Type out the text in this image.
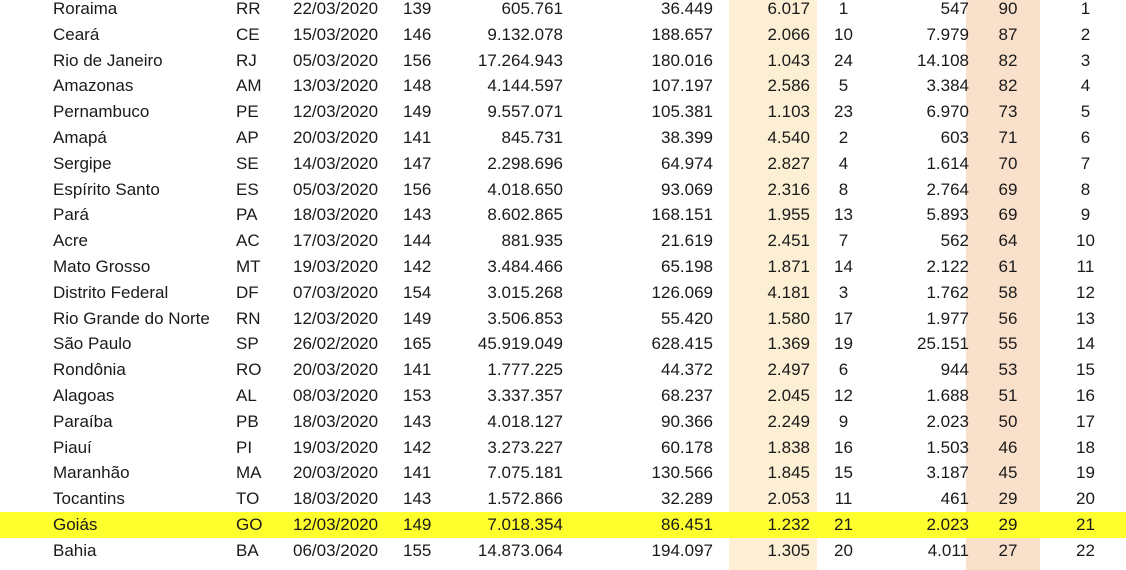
Roraima	RR	22/03/2020	139	605.761	36.449	6.017	1	547	90	1
Ceará	CE	15/03/2020	146	9.132.078	188.657	2.066	10	7.979	87	2
Rio de Janeiro	RJ	05/03/2020	156	17.264.943	180.016	1.043	24	14.108	82	3
Amazonas	AM	13/03/2020	148	4.144.597	107.197	2.586	5	3.384	82	4
Pernambuco	PE	12/03/2020	149	9.557.071	105.381	1.103	23	6.970	73	5
Amapá	AP	20/03/2020	141	845.731	38.399	4.540	2	603	71	6
Sergipe	SE	14/03/2020	147	2.298.696	64.974	2.827	4	1.614	70	7
Espírito Santo	ES	05/03/2020	156	4.018.650	93.069	2.316	8	2.764	69	8
Pará	PA	18/03/2020	143	8.602.865	168.151	1.955	13	5.893	69	9
Acre	AC	17/03/2020	144	881.935	21.619	2.451	7	562	64	10
Mato Grosso	MT	19/03/2020	142	3.484.466	65.198	1.871	14	2.122	61	11
Distrito Federal	DF	07/03/2020	154	3.015.268	126.069	4.181	3	1.762	58	12
Rio Grande do Norte	RN	12/03/2020	149	3.506.853	55.420	1.580	17	1.977	56	13
São Paulo	SP	26/02/2020	165	45.919.049	628.415	1.369	19	25.151	55	14
Rondônia	RO	20/03/2020	141	1.777.225	44.372	2.497	6	944	53	15
Alagoas	AL	08/03/2020	153	3.337.357	68.237	2.045	12	1.688	51	16
Paraíba	PB	18/03/2020	143	4.018.127	90.366	2.249	9	2.023	50	17
Piauí	PI	19/03/2020	142	3.273.227	60.178	1.838	16	1.503	46	18
Maranhão	MA	20/03/2020	141	7.075.181	130.566	1.845	15	3.187	45	19
Tocantins	TO	18/03/2020	143	1.572.866	32.289	2.053	11	461	29	20
Goiás	GO	12/03/2020	149	7.018.354	86.451	1.232	21	2.023	29	21
Bahia	BA	06/03/2020	155	14.873.064	194.097	1.305	20	4.011	27	22
